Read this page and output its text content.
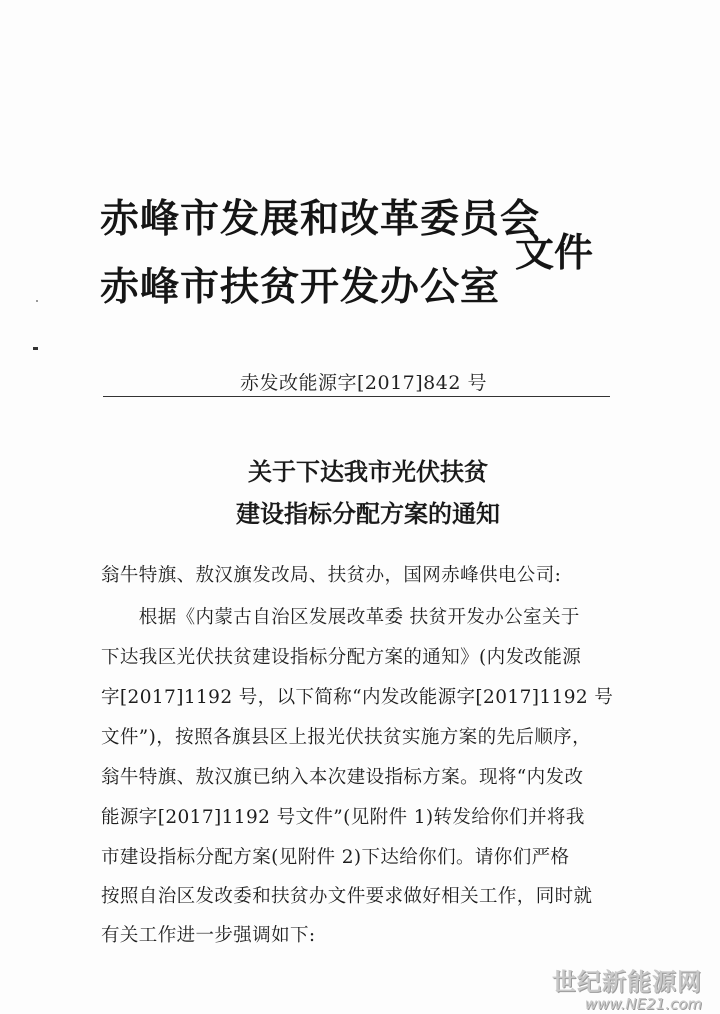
赤峰市发展和改革委员会
赤峰市扶贫开发办公室
文件
赤发改能源字[2017]842 号
关于下达我市光伏扶贫
建设指标分配方案的通知
翁牛特旗、敖汉旗发改局、扶贫办，国网赤峰供电公司:
　　根据《内蒙古自治区发展改革委 扶贫开发办公室关于
下达我区光伏扶贫建设指标分配方案的通知》(内发改能源
字[2017]1192 号，以下简称“内发改能源字[2017]1192 号
文件”)，按照各旗县区上报光伏扶贫实施方案的先后顺序，
翁牛特旗、敖汉旗已纳入本次建设指标方案。现将“内发改
能源字[2017]1192 号文件”(见附件 1)转发给你们并将我
市建设指标分配方案(见附件 2)下达给你们。请你们严格
按照自治区发改委和扶贫办文件要求做好相关工作，同时就
有关工作进一步强调如下:
世纪新能源网
www.NE21.com
